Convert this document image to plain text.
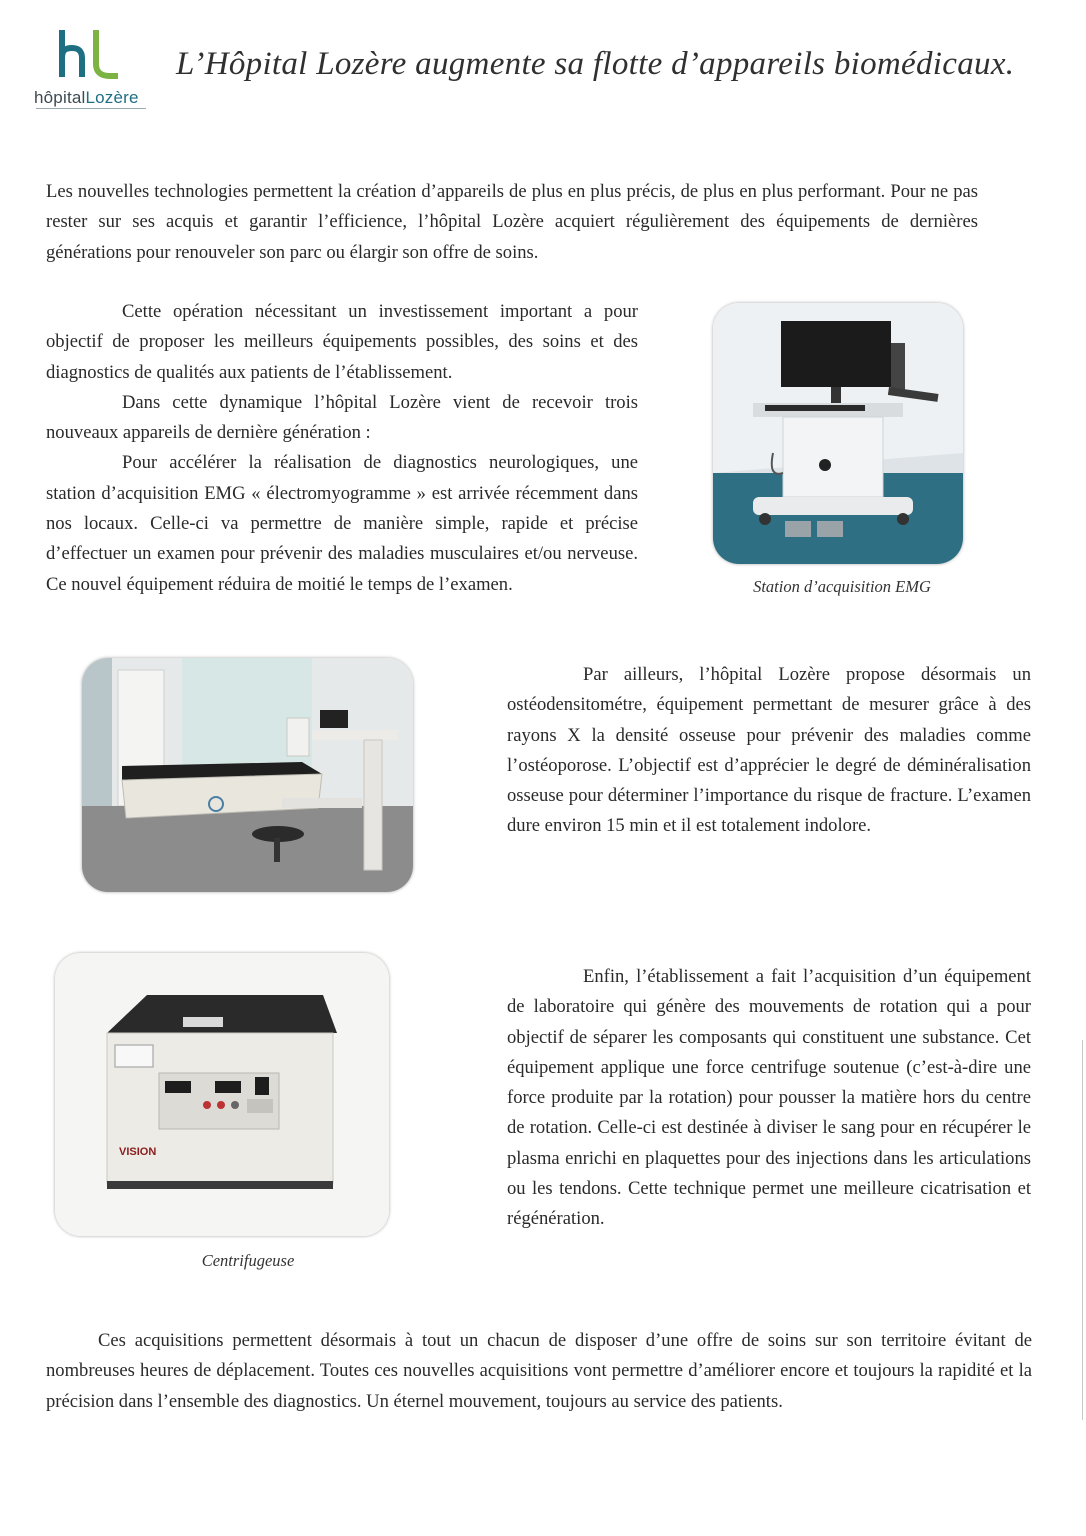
hôpitalLozère
L’Hôpital Lozère augmente sa flotte d’appareils biomédicaux.

Les nouvelles technologies permettent la création d’appareils de plus en plus précis, de plus en plus performant. Pour ne pas rester sur ses acquis et garantir l’efficience, l’hôpital Lozère acquiert régulièrement des équipements de dernières générations pour renouveler son parc ou élargir son offre de soins.

Cette opération nécessitant un investissement important a pour objectif de proposer les meilleurs équipements possibles, des soins et des diagnostics de qualités aux patients de l’établissement.

Dans cette dynamique l’hôpital Lozère vient de recevoir trois nouveaux appareils de dernière génération :

Pour accélérer la réalisation de diagnostics neurologiques, une station d’acquisition EMG « électromyogramme » est arrivée récemment dans nos locaux. Celle-ci va permettre de manière simple, rapide et précise d’effectuer un examen pour prévenir des maladies musculaires et/ou nerveuse. Ce nouvel équipement réduira de moitié le temps de l’examen.	Station d’acquisition EMG

Par ailleurs, l’hôpital Lozère propose désormais un ostéodensitométre, équipement permettant de mesurer grâce à des rayons X la densité osseuse pour prévenir des maladies comme l’ostéoporose. L’objectif est d’apprécier le degré de déminéralisation osseuse pour déterminer l’importance du risque de fracture. L’examen dure environ 15 min et il est totalement indolore.

VISION
Centrifugeuse

Enfin, l’établissement a fait l’acquisition d’un équipement de laboratoire qui génère des mouvements de rotation qui a pour objectif de séparer les composants qui constituent une substance. Cet équipement applique une force centrifuge soutenue (c’est-à-dire une force produite par la rotation) pour pousser la matière hors du centre de rotation. Celle-ci est destinée à diviser le sang pour en récupérer le plasma enrichi en plaquettes pour des injections dans les articulations ou les tendons. Cette technique permet une meilleure cicatrisation et régénération.

Ces acquisitions permettent désormais à tout un chacun de disposer d’une offre de soins sur son territoire évitant de nombreuses heures de déplacement. Toutes ces nouvelles acquisitions vont permettre d’améliorer encore et toujours la rapidité et la précision dans l’ensemble des diagnostics. Un éternel mouvement, toujours au service des patients.
